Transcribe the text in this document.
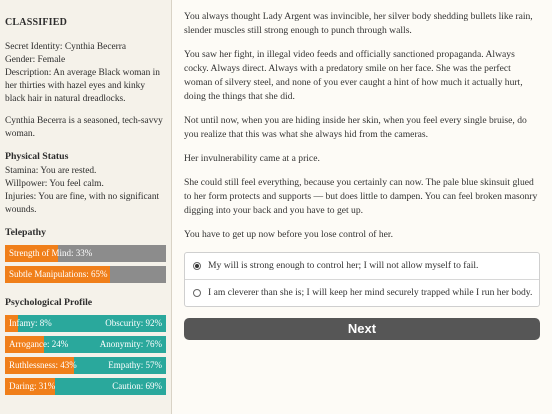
CLASSIFIED

Secret Identity: Cynthia Becerra

Gender: Female

Description: An average Black woman in her thirties with hazel eyes and kinky black hair in natural dreadlocks.

Cynthia Becerra is a seasoned, tech-savvy woman.

Physical Status

Stamina: You are rested.

Willpower: You feel calm.

Injuries: You are fine, with no significant wounds.

Telepathy

Strength of Mind: 33%
Subtle Manipulations: 65%

Psychological Profile

Infamy: 8%	Obscurity: 92%
Arrogance: 24%	Anonymity: 76%
Ruthlessness: 43%	Empathy: 57%
Daring: 31%	Caution: 69%

You always thought Lady Argent was invincible, her silver body shedding bullets like rain, slender muscles still strong enough to punch through walls.

You saw her fight, in illegal video feeds and officially sanctioned propaganda. Always cocky. Always direct. Always with a predatory smile on her face. She was the perfect woman of silvery steel, and none of you ever caught a hint of how much it actually hurt, doing the things that she did.

Not until now, when you are hiding inside her skin, when you feel every single bruise, do you realize that this was what she always hid from the cameras.

Her invulnerability came at a price.

She could still feel everything, because you certainly can now. The pale blue skinsuit glued to her form protects and supports — but does little to dampen. You can feel broken masonry digging into your back and you have to get up.

You have to get up now before you lose control of her.

My will is strong enough to control her; I will not allow myself to fail.
I am cleverer than she is; I will keep her mind securely trapped while I run her body.
Next
